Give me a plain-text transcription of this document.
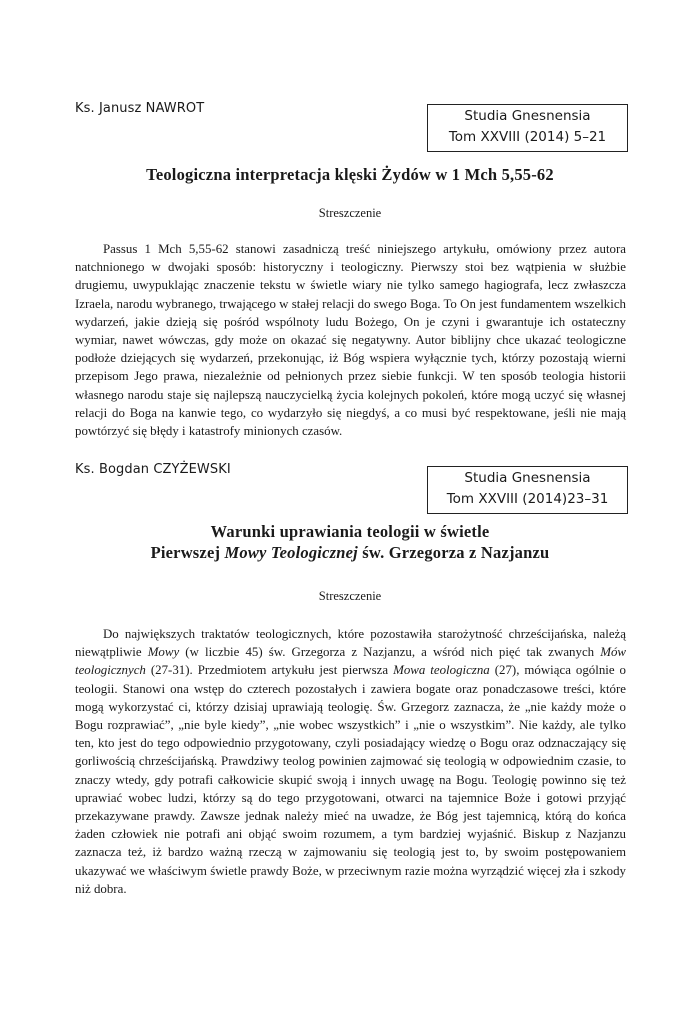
Ks. Janusz NAWROT	Studia Gnesnensia
Tom XXVIII (2014) 5–21
Teologiczna interpretacja klęski Żydów w 1 Mch 5,55-62
Streszczenie

Passus 1 Mch 5,55-62 stanowi zasadniczą treść niniejszego artykułu, omówiony przez autora natchnionego w dwojaki sposób: historyczny i teologiczny. Pierwszy stoi bez wątpienia w służbie drugiemu, uwypuklając znaczenie tekstu w świetle wiary nie tylko samego hagiografa, lecz zwłaszcza Izraela, narodu wybranego, trwającego w stałej relacji do swego Boga. To On jest fundamentem wszelkich wydarzeń, jakie dzieją się pośród wspólnoty ludu Bożego, On je czyni i gwarantuje ich ostateczny wymiar, nawet wówczas, gdy może on okazać się negatywny. Autor biblijny chce ukazać teologiczne podłoże dziejących się wydarzeń, przekonując, iż Bóg wspiera wyłącznie tych, którzy pozostają wierni przepisom Jego prawa, niezależnie od pełnionych przez siebie funkcji. W ten sposób teologia historii własnego narodu staje się najlepszą nauczycielką życia kolejnych pokoleń, które mogą uczyć się własnej relacji do Boga na kanwie tego, co wydarzyło się niegdyś, a co musi być respektowane, jeśli nie mają powtórzyć się błędy i katastrofy minionych czasów.

Ks. Bogdan CZYŻEWSKI
Studia Gnesnensia
Tom XXVIII (2014)23–31
Warunki uprawiania teologii w świetle
Pierwszej Mowy Teologicznej św. Grzegorza z Nazjanzu
Streszczenie

Do największych traktatów teologicznych, które pozostawiła starożytność chrześcijańska, należą niewątpliwie Mowy (w liczbie 45) św. Grzegorza z Nazjanzu, a wśród nich pięć tak zwanych Mów teologicznych (27-31). Przedmiotem artykułu jest pierwsza Mowa teologiczna (27), mówiąca ogólnie o teologii. Stanowi ona wstęp do czterech pozostałych i zawiera bogate oraz ponadczasowe treści, które mogą wykorzystać ci, którzy dzisiaj uprawiają teologię. Św. Grzegorz zaznacza, że „nie każdy może o Bogu rozprawiać”, „nie byle kiedy”, „nie wobec wszystkich” i „nie o wszystkim”. Nie każdy, ale tylko ten, kto jest do tego odpowiednio przygotowany, czyli posiadający wiedzę o Bogu oraz odznaczający się gorliwością chrześcijańską. Prawdziwy teolog powinien zajmować się teologią w odpowiednim czasie, to znaczy wtedy, gdy potrafi całkowicie skupić swoją i innych uwagę na Bogu. Teologię powinno się też uprawiać wobec ludzi, którzy są do tego przygotowani, otwarci na tajemnice Boże i gotowi przyjąć przekazywane prawdy. Zawsze jednak należy mieć na uwadze, że Bóg jest tajemnicą, którą do końca żaden człowiek nie potrafi ani objąć swoim rozumem, a tym bardziej wyjaśnić. Biskup z Nazjanzu zaznacza też, iż bardzo ważną rzeczą w zajmowaniu się teologią jest to, by swoim postępowaniem ukazywać we właściwym świetle prawdy Boże, w przeciwnym razie można wyrządzić więcej zła i szkody niż dobra.
